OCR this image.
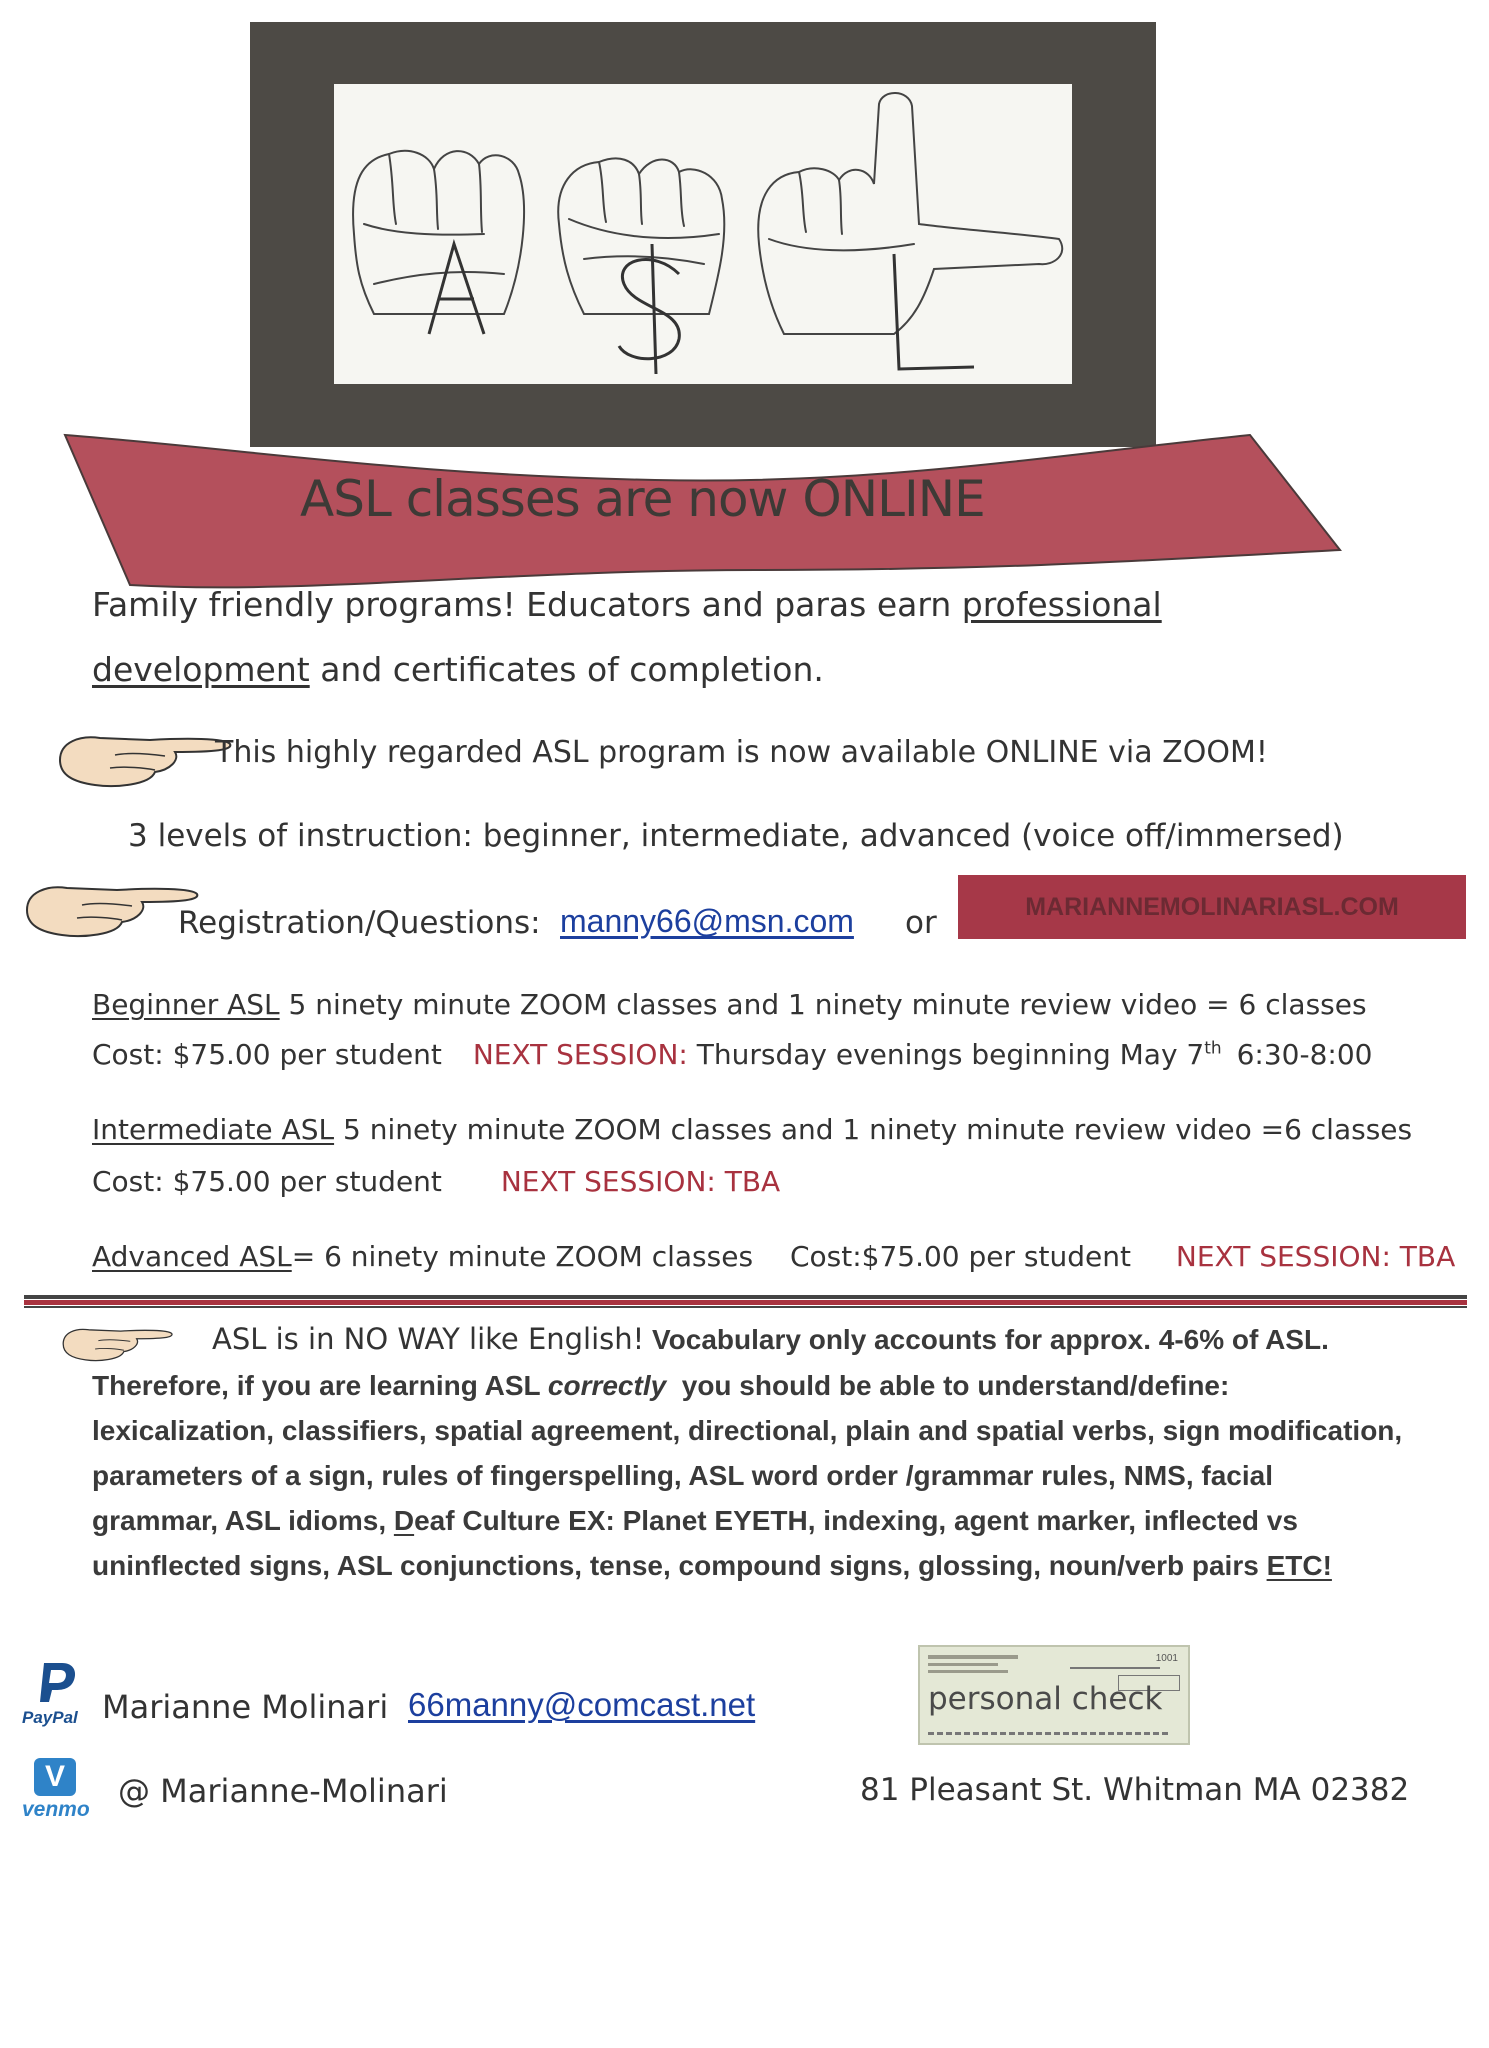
ASL classes are now ONLINE
Family friendly programs! Educators and paras earn professional
development and certificates of completion.
This highly regarded ASL program is now available ONLINE via ZOOM!
3 levels of instruction: beginner, intermediate, advanced (voice off/immersed)
Registration/Questions: manny66@msn.com or	MARIANNEMOLINARIASL.COM
Beginner ASL 5 ninety minute ZOOM classes and 1 ninety minute review video = 6 classes
Cost: $75.00 per student NEXT SESSION: Thursday evenings beginning May 7th 6:30-8:00
Intermediate ASL 5 ninety minute ZOOM classes and 1 ninety minute review video =6 classes
Cost: $75.00 per student NEXT SESSION: TBA
Advanced ASL= 6 ninety minute ZOOM classes Cost:$75.00 per student NEXT SESSION: TBA
ASL is in NO WAY like English! Vocabulary only accounts for approx. 4-6% of ASL.
Therefore, if you are learning ASL correctly  you should be able to understand/define:
lexicalization, classifiers, spatial agreement, directional, plain and spatial verbs, sign modification,
parameters of a sign, rules of fingerspelling, ASL word order /grammar rules, NMS, facial
grammar, ASL idioms, Deaf Culture EX: Planet EYETH, indexing, agent marker, inflected vs
uninflected signs, ASL conjunctions, tense, compound signs, glossing, noun/verb pairs ETC!
PayPal Marianne Molinari 66manny@comcast.net
V
venmo @ Marianne-Molinari
1001
personal check
81 Pleasant St. Whitman MA 02382
